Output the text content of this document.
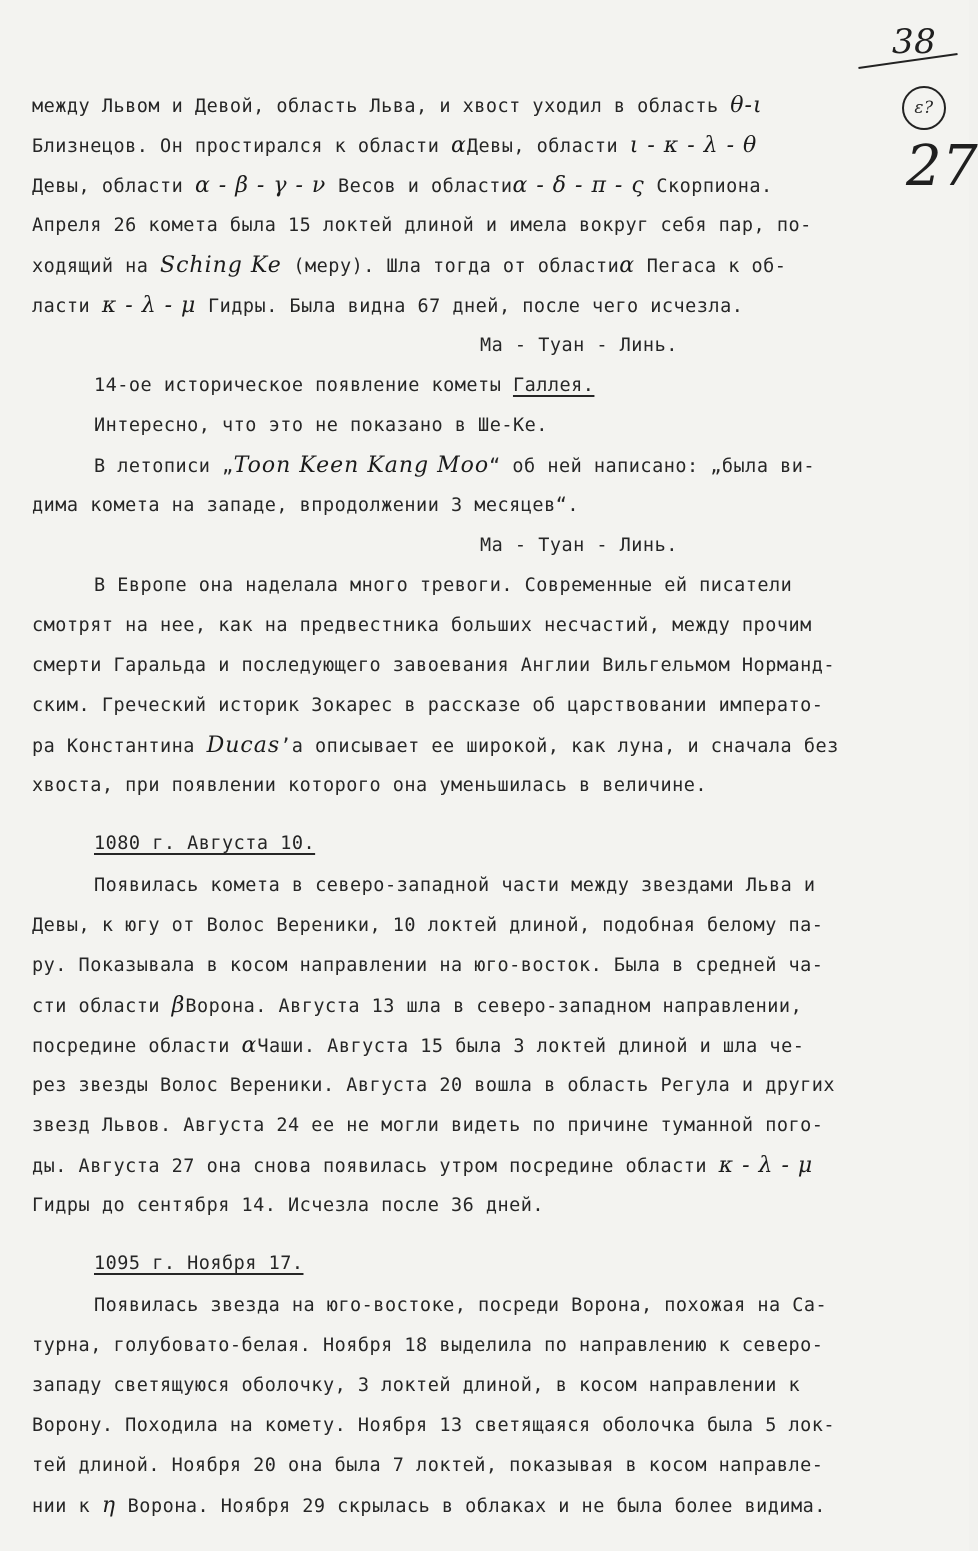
38
ε?
27
между Львом и Девой, область Льва, и хвост уходил в область θ-ι
Близнецов. Он простирался к области αДевы, области ι - κ - λ - θ
Девы, области α - β - γ - ν Весов и областиα - δ - π - ς Скорпиона.
Апреля 26 комета была 15 локтей длиной и имела вокруг себя пар, по-
ходящий на Sching Ke (меру). Шла тогда от областиα Пегаса к об-
ласти κ - λ - μ Гидры. Была видна 67 дней, после чего исчезла.
Ма - Туан - Линь.
14-ое историческое появление кометы Галлея.
Интересно, что это не показано в Ше-Ке.
В летописи „Toon Keen Kang Moo“ об ней написано: „была ви-
дима комета на западе, впродолжении 3 месяцев“.
Ма - Туан - Линь.
В Европе она наделала много тревоги. Современные ей писатели
смотрят на нее, как на предвестника больших несчастий, между прочим
смерти Гаральда и последующего завоевания Англии Вильгельмом Норманд-
ским. Греческий историк Зокарес в рассказе об царствовании императо-
ра Константина Ducas’а описывает ее широкой, как луна, и сначала без
хвоста, при появлении которого она уменьшилась в величине.
1080 г. Августа 10.
Появилась комета в северо-западной части между звездами Льва и
Девы, к югу от Волос Вереники, 10 локтей длиной, подобная белому па-
ру. Показывала в косом направлении на юго-восток. Была в средней ча-
сти области βВорона. Августа 13 шла в северо-западном направлении,
посредине области αЧаши. Августа 15 была 3 локтей длиной и шла че-
рез звезды Волос Вереники. Августа 20 вошла в область Регула и других
звезд Львов. Августа 24 ее не могли видеть по причине туманной пого-
ды. Августа 27 она снова появилась утром посредине области κ - λ - μ
Гидры до сентября 14. Исчезла после 36 дней.
1095 г. Ноября 17.
Появилась звезда на юго-востоке, посреди Ворона, похожая на Са-
турна, голубовато-белая. Ноября 18 выделила по направлению к северо-
западу светящуюся оболочку, 3 локтей длиной, в косом направлении к
Ворону. Походила на комету. Ноября 13 светящаяся оболочка была 5 лок-
тей длиной. Ноября 20 она была 7 локтей, показывая в косом направле-
нии к η Ворона. Ноября 29 скрылась в облаках и не была более видима.
